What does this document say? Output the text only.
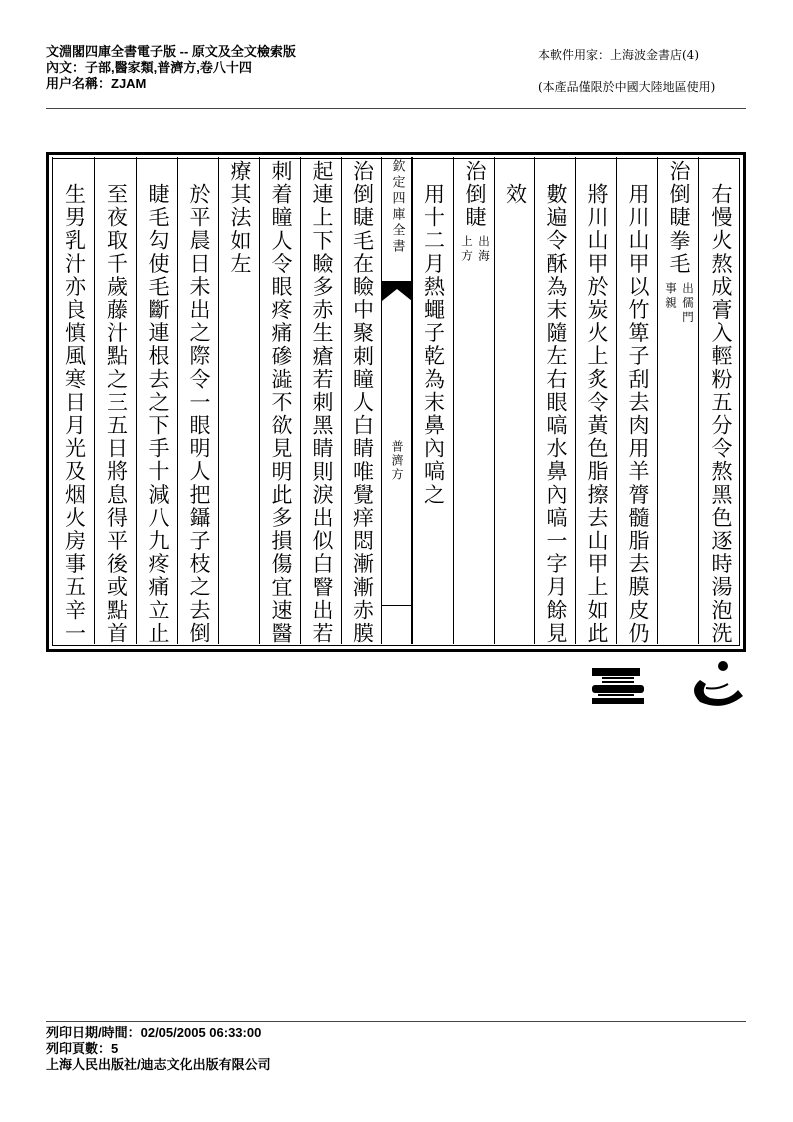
文淵閣四庫全書電子版 -- 原文及全文檢索版
內文：子部,醫家類,普濟方,卷八十四
用户名稱：ZJAM
本軟件用家：上海波金書店(4)
(本產品僅限於中國大陸地區使用)
右慢火熬成膏入輕粉五分令熬黑色逐時湯泡洗
治倒睫拳毛
出儒門
事親
用川山甲以竹箄子刮去肉用羊膂髓脂去膜皮仍
將川山甲於炭火上炙令黃色脂擦去山甲上如此
數遍令酥為末隨左右眼嗃水鼻內嗃一字月餘見
效
治倒睫
出海
上方
用十二月熱蠅子乾為末鼻內嗃之
治倒睫毛在瞼中聚刺瞳人白睛唯覺痒悶漸漸赤膜
起連上下瞼多赤生瘡若刺黑睛則淚出似白瞖出若
刺着瞳人令眼疼痛磣澁不欲見明此多損傷宜速醫
療其法如左
於平晨日未出之際令一眼明人把鑷子枝之去倒
睫毛勾使毛斷連根去之下手十減八九疼痛立止
至夜取千歲藤汁點之三五日將息得平後或點首
生男乳汁亦良慎風寒日月光及烟火房事五辛一	欽定四庫全書
普濟方
列印日期/時間：02/05/2005 06:33:00
列印頁數：5
上海人民出版社/迪志文化出版有限公司
